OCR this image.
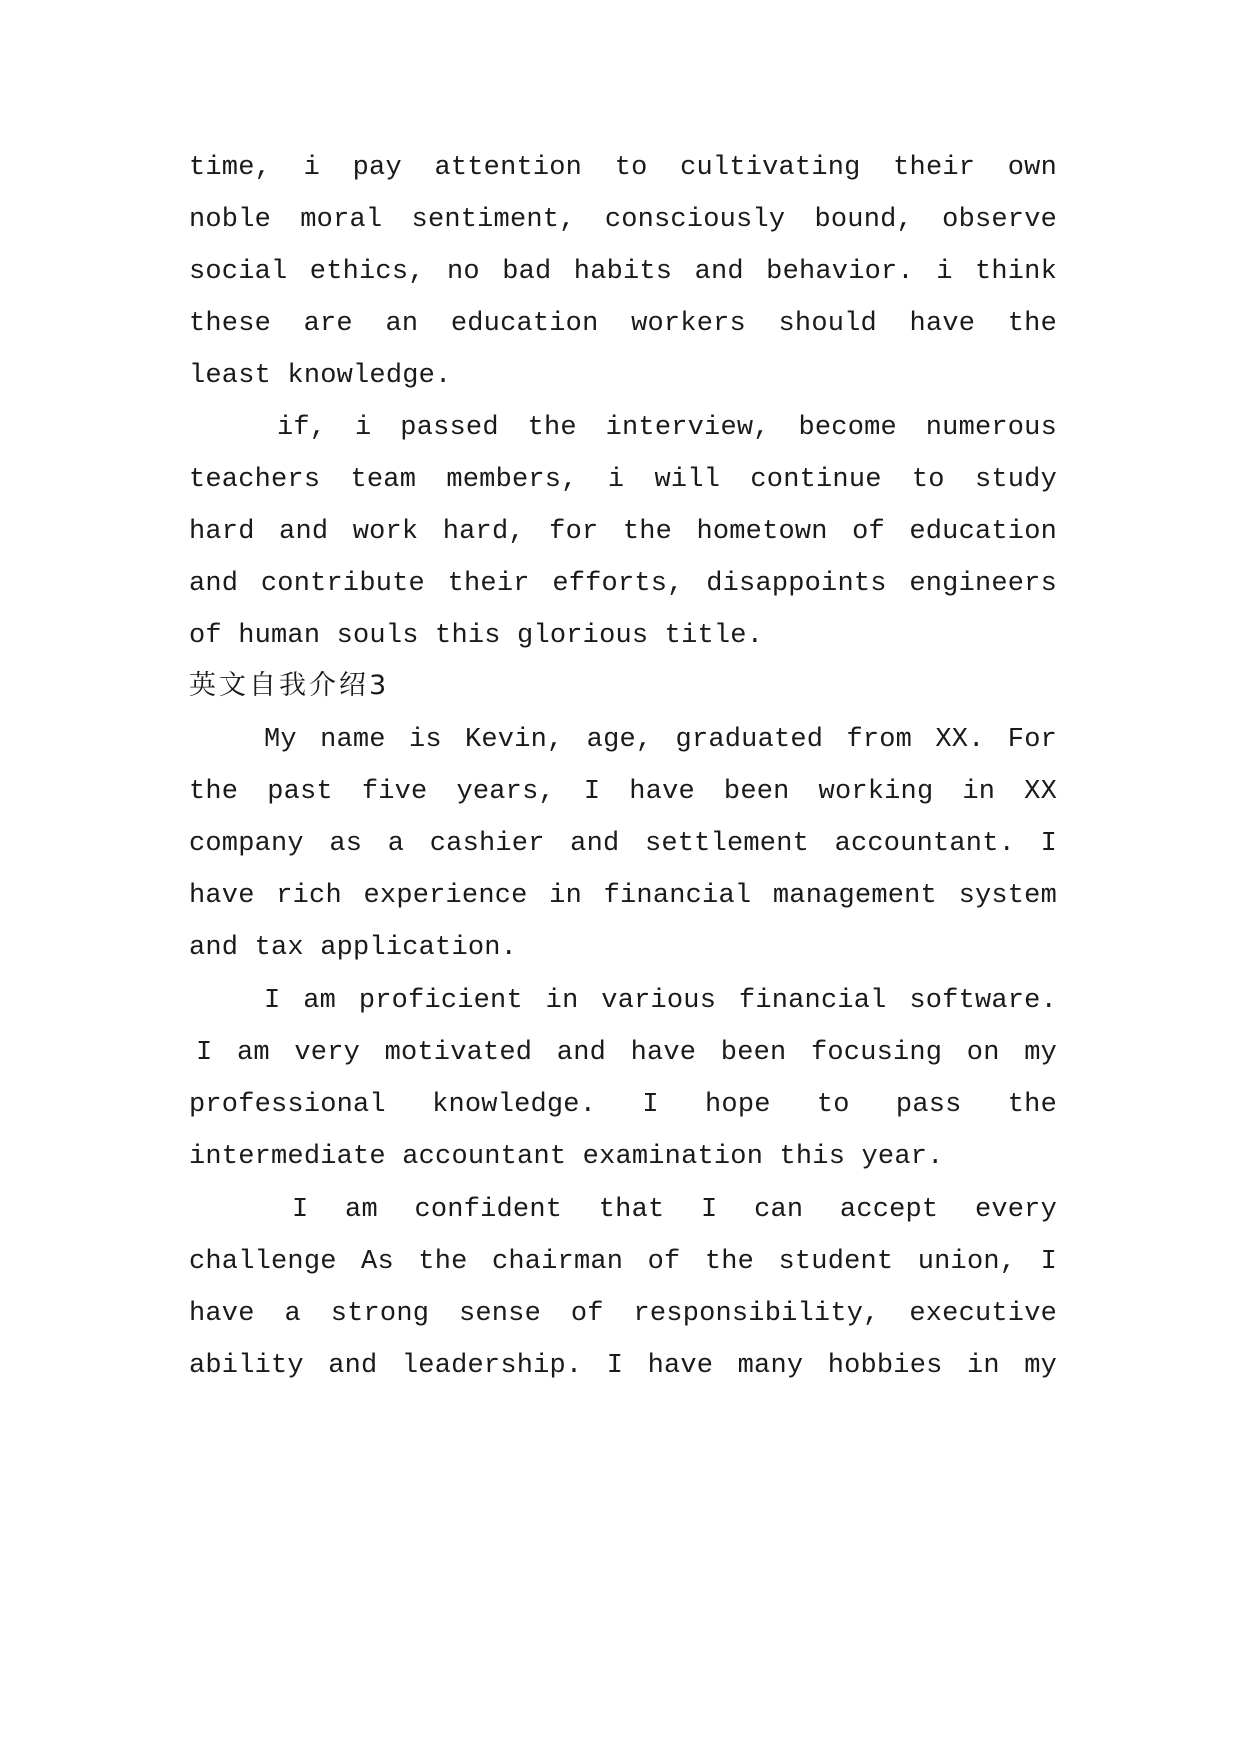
time, i pay attention to cultivating their own
noble moral sentiment, consciously bound, observe
social ethics, no bad habits and behavior. i think
these are an education workers should have the
least knowledge.
if, i passed the interview, become numerous
teachers team members, i will continue to study
hard and work hard, for the hometown of education
and contribute their efforts, disappoints engineers
of human souls this glorious title.
英文自我介绍3
My name is Kevin, age, graduated from XX. For
the past five years, I have been working in XX
company as a cashier and settlement accountant. I
have rich experience in financial management system
and tax application.
I am proficient in various financial software.
I am very motivated and have been focusing on my
professional knowledge. I hope to pass the
intermediate accountant examination this year.
I am confident that I can accept every
challenge As the chairman of the student union, I
have a strong sense of responsibility, executive
ability and leadership. I have many hobbies in my
